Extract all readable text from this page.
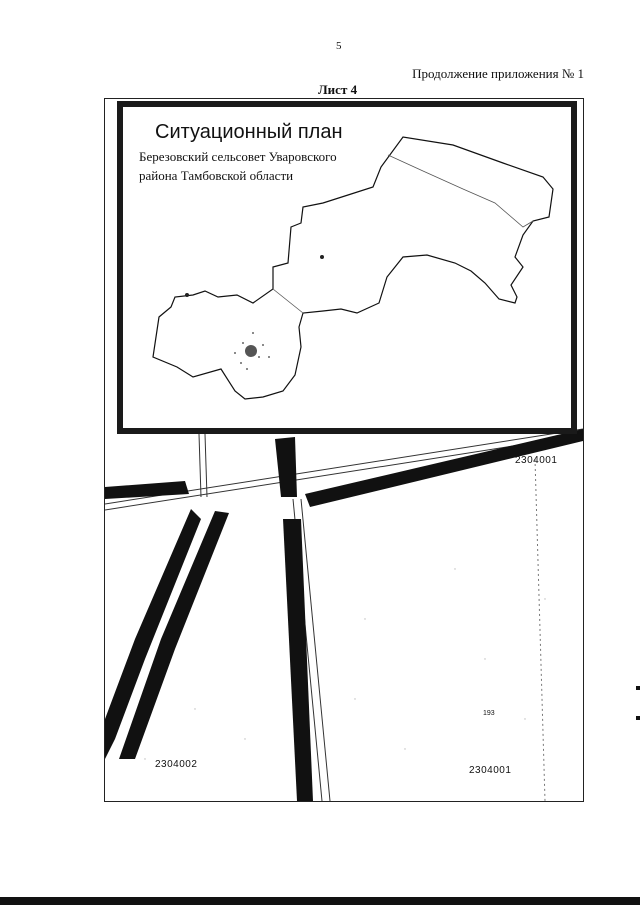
5
Продолжение приложения № 1
Лист 4
Ситуационный план
Березовский сельсовет Уваровского
района Тамбовской области
2304001
2304002
2304001
193
